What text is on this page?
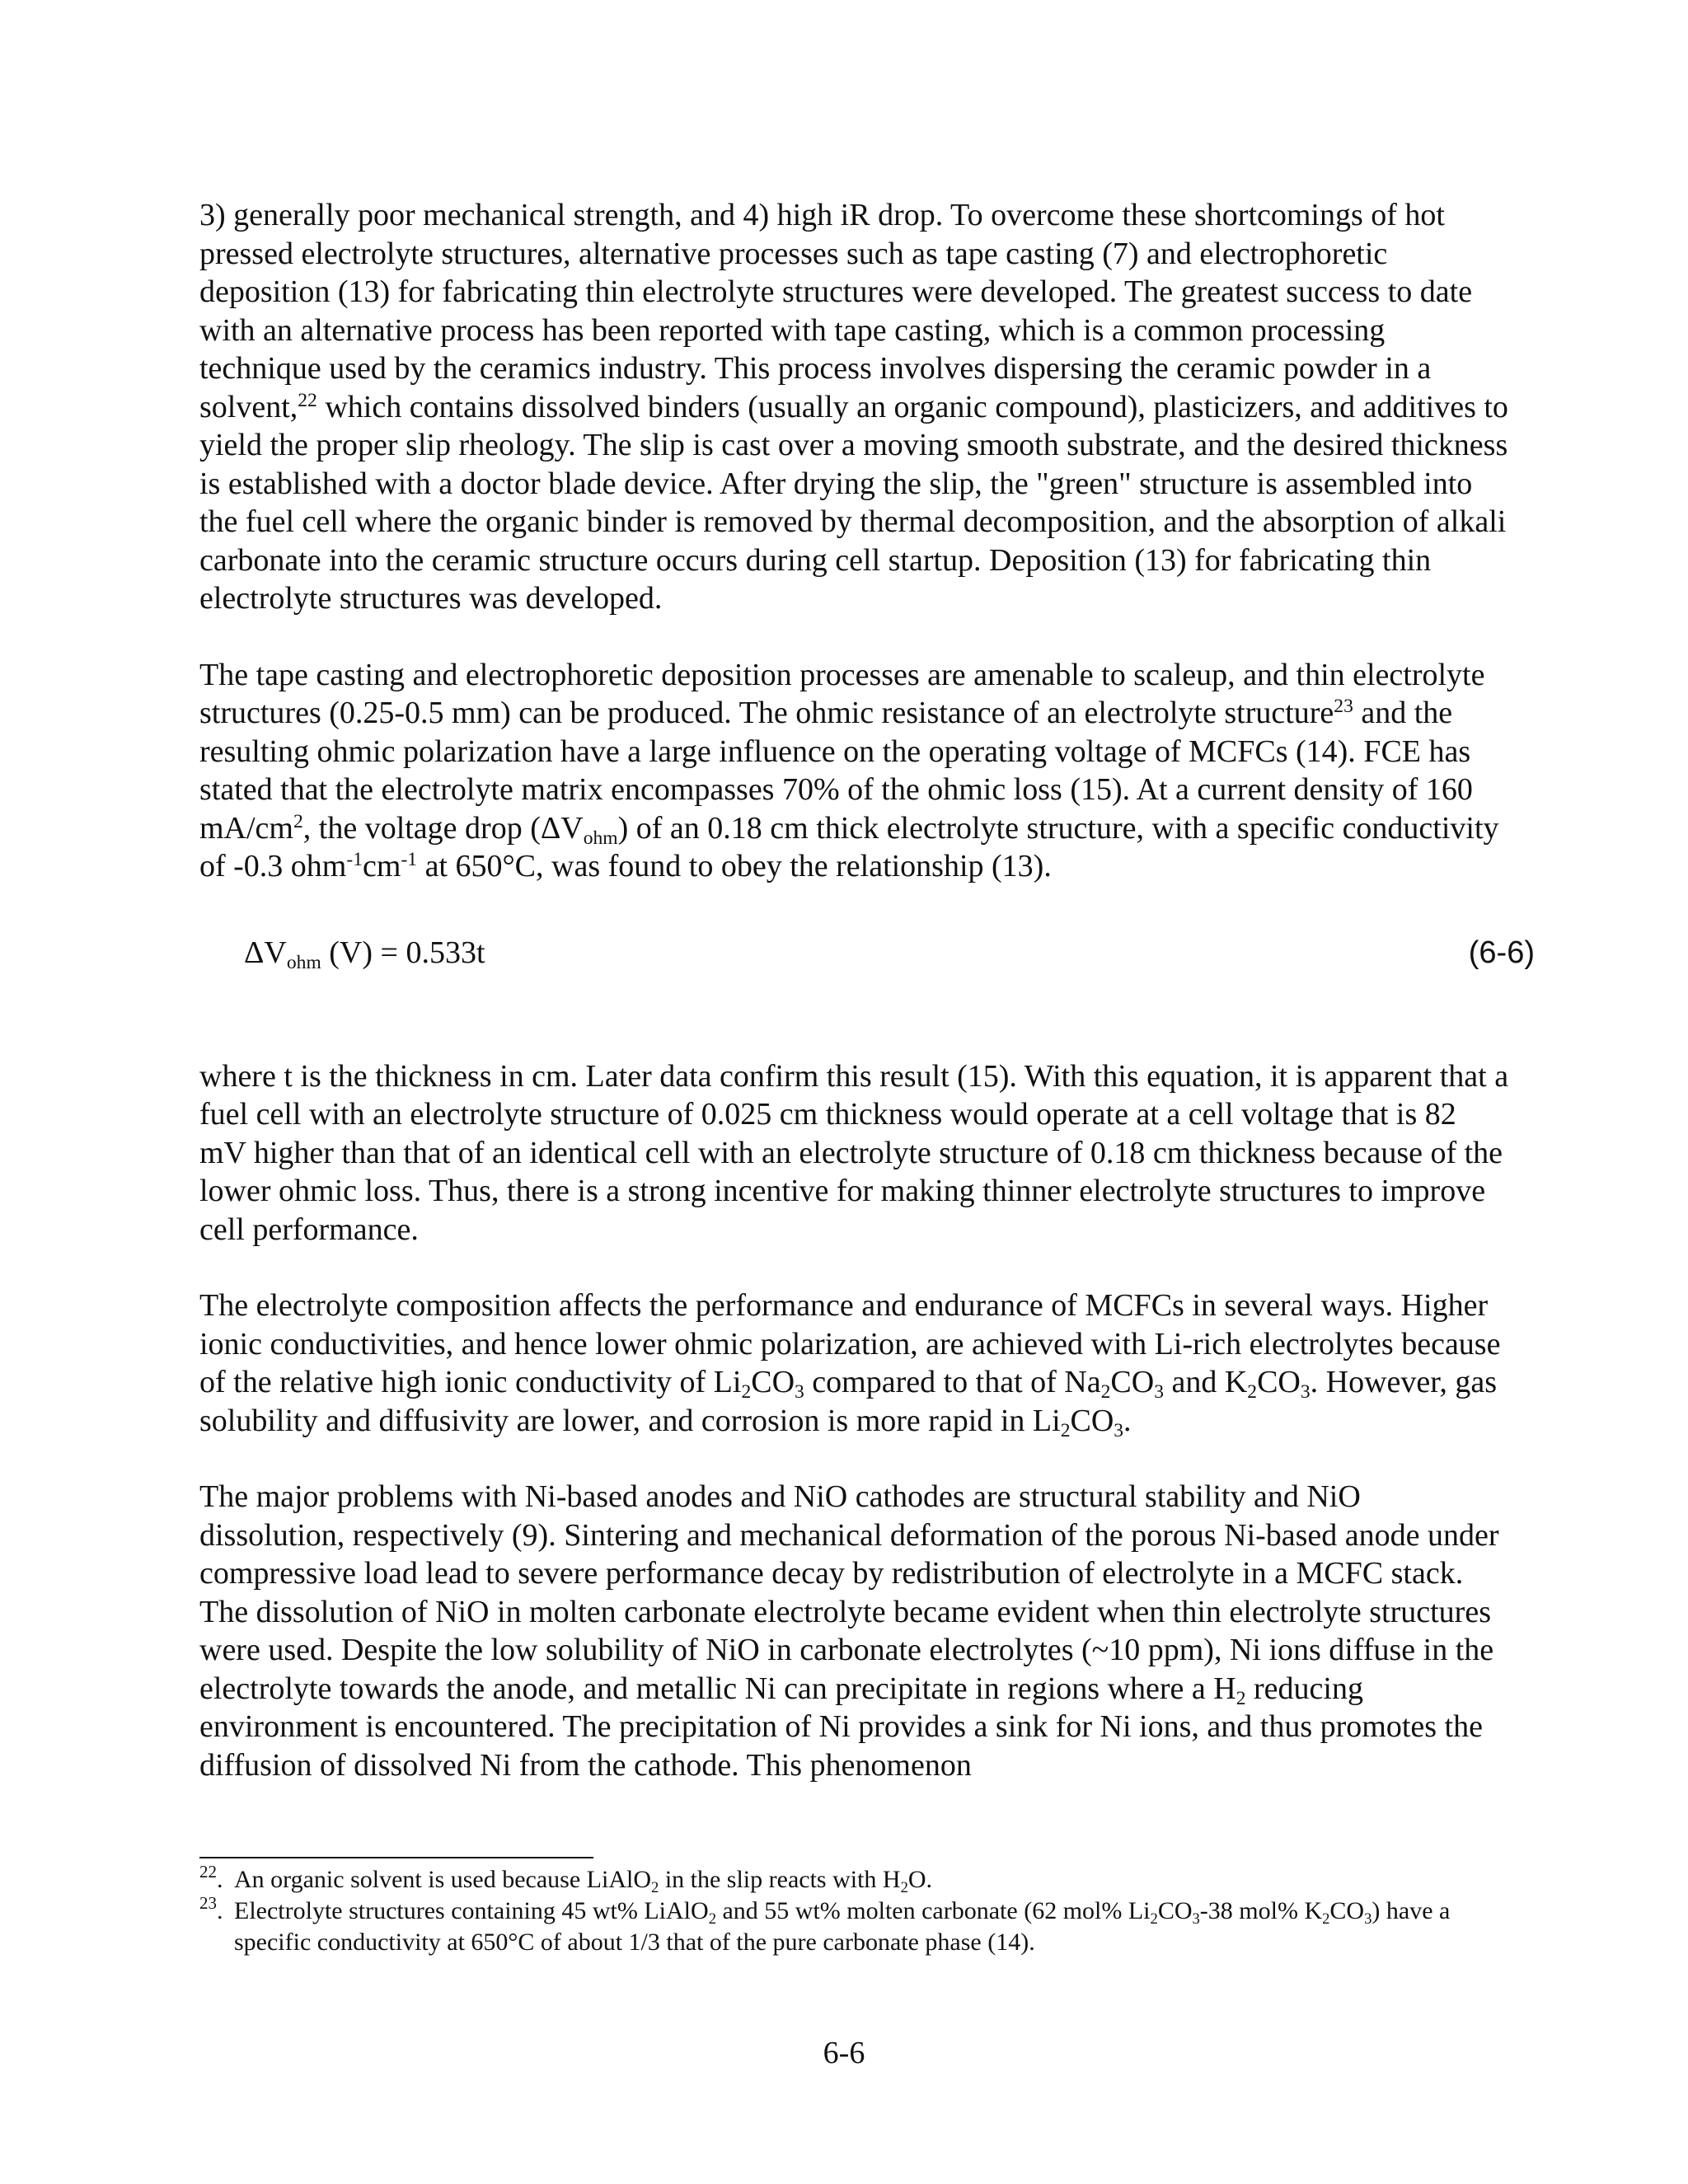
3) generally poor mechanical strength, and 4) high iR drop. To overcome these shortcomings of hot pressed electrolyte structures, alternative processes such as tape casting (7) and electrophoretic deposition (13) for fabricating thin electrolyte structures were developed. The greatest success to date with an alternative process has been reported with tape casting, which is a common processing technique used by the ceramics industry. This process involves dispersing the ceramic powder in a solvent,$^{22}$ which contains dissolved binders (usually an organic compound), plasticizers, and additives to yield the proper slip rheology. The slip is cast over a moving smooth substrate, and the desired thickness is established with a doctor blade device. After drying the slip, the "green" structure is assembled into the fuel cell where the organic binder is removed by thermal decomposition, and the absorption of alkali carbonate into the ceramic structure occurs during cell startup. Deposition (13) for fabricating thin electrolyte structures was developed.

The tape casting and electrophoretic deposition processes are amenable to scaleup, and thin electrolyte structures (0.25-0.5 mm) can be produced. The ohmic resistance of an electrolyte structure$^{23}$ and the resulting ohmic polarization have a large influence on the operating voltage of MCFCs (14). FCE has stated that the electrolyte matrix encompasses 70% of the ohmic loss (15). At a current density of 160 $mA/cm^2$, the voltage drop $(\Delta V_{ohm})$ of an 0.18 cm thick electrolyte structure, with a specific conductivity of -0.3 $ohm^{-1}cm^{-1}$ at 650°C, was found to obey the relationship (13).

$\Delta V_{ohm}$ (V) = 0.533t	(6-6)

where t is the thickness in cm. Later data confirm this result (15). With this equation, it is apparent that a fuel cell with an electrolyte structure of 0.025 cm thickness would operate at a cell voltage that is 82 mV higher than that of an identical cell with an electrolyte structure of 0.18 cm thickness because of the lower ohmic loss. Thus, there is a strong incentive for making thinner electrolyte structures to improve cell performance.

The electrolyte composition affects the performance and endurance of MCFCs in several ways. Higher ionic conductivities, and hence lower ohmic polarization, are achieved with Li-rich electrolytes because of the relative high ionic conductivity of $Li_2CO_3$ compared to that of $Na_2CO_3$ and $K_2CO_3$. However, gas solubility and diffusivity are lower, and corrosion is more rapid in $Li_2CO_3$.

The major problems with Ni-based anodes and NiO cathodes are structural stability and NiO dissolution, respectively (9). Sintering and mechanical deformation of the porous Ni-based anode under compressive load lead to severe performance decay by redistribution of electrolyte in a MCFC stack. The dissolution of NiO in molten carbonate electrolyte became evident when thin electrolyte structures were used. Despite the low solubility of NiO in carbonate electrolytes (~10 ppm), Ni ions diffuse in the electrolyte towards the anode, and metallic Ni can precipitate in regions where a $H_2$ reducing environment is encountered. The precipitation of Ni provides a sink for Ni ions, and thus promotes the diffusion of dissolved Ni from the cathode. This phenomenon

$^{22}$. An organic solvent is used because LiAlO$_2$ in the slip reacts with $H_2O$.
$^{23}$. Electrolyte structures containing 45 wt% LiAlO$_2$ and 55 wt% molten carbonate (62 mol% $Li_2CO_3-38$ mol% $K_2CO_3$) have a specific conductivity at 650°C of about 1/3 that of the pure carbonate phase (14).
6-6
